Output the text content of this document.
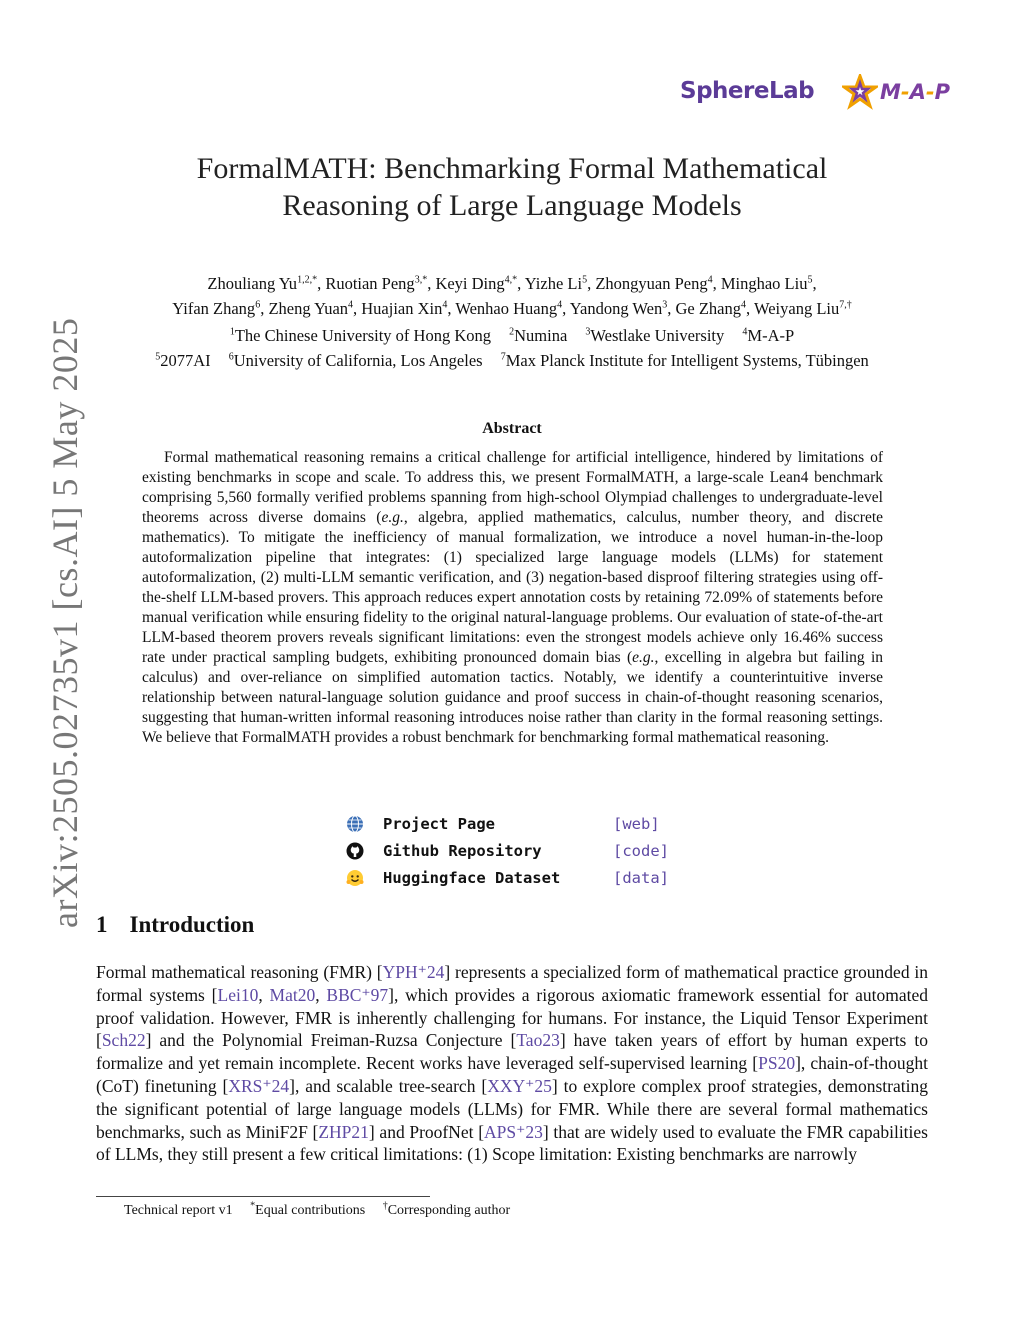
SphereLab	M-A-P
arXiv:2505.02735v1 [cs.AI] 5 May 2025
FormalMATH: Benchmarking Formal Mathematical
Reasoning of Large Language Models
Zhouliang $Yu^{1,2,*}$, Ruotian Peng$^{3,*}$, Keyi Ding$^{4,*}$, Yizhe Li$^5$, Zhongyuan Peng$^4$, Minghao Liu$^5$,
Yifan Zhang$^6$, Zheng Yuan$^4$, Huajian Xin$^4$, Wenhao Huang$^4$, Yandong Wen$^3$, Ge Zhang$^4$, Weiyang Liu$^{7,\dagger}$
$^1$The Chinese University of Hong Kong $^2$Numina $^3$Westlake University $^4$M-A-P
$^5$2077AI $^6$University of California, Los Angeles $^7$Max Planck Institute for Intelligent Systems, Tübingen
Abstract
Formal mathematical reasoning remains a critical challenge for artificial intelligence, hindered by limitations of existing benchmarks in scope and scale. To address this, we present FormalMATH, a large-scale Lean4 benchmark comprising 5,560 formally verified problems spanning from high-school Olympiad challenges to undergraduate-level theorems across diverse domains (e.g., algebra, applied mathematics, calculus, number theory, and discrete mathematics). To mitigate the inefficiency of manual formalization, we introduce a novel human-in-the-loop autoformalization pipeline that integrates: (1) specialized large language models (LLMs) for statement autoformalization, (2) multi-LLM semantic verification, and (3) negation-based disproof filtering strategies using off-the-shelf LLM-based provers. This approach reduces expert annotation costs by retaining 72.09% of statements before manual verification while ensuring fidelity to the original natural-language problems. Our evaluation of state-of-the-art LLM-based theorem provers reveals significant limitations: even the strongest models achieve only 16.46% success rate under practical sampling budgets, exhibiting pronounced domain bias (e.g., excelling in algebra but failing in calculus) and over-reliance on simplified automation tactics. Notably, we identify a counterintuitive inverse relationship between natural-language solution guidance and proof success in chain-of-thought reasoning scenarios, suggesting that human-written informal reasoning introduces noise rather than clarity in the formal reasoning settings. We believe that FormalMATH provides a robust benchmark for benchmarking formal mathematical reasoning.
Project Page	[web]
Github Repository	[code]
Huggingface Dataset	[data]
1 Introduction
Formal mathematical reasoning (FMR) [YPH⁺24] represents a specialized form of mathematical practice grounded in formal systems [Lei10, Mat20, BBC⁺97], which provides a rigorous axiomatic framework essential for automated proof validation. However, FMR is inherently challenging for humans. For instance, the Liquid Tensor Experiment [Sch22] and the Polynomial Freiman-Ruzsa Conjecture [Tao23] have taken years of effort by human experts to formalize and yet remain incomplete. Recent works have leveraged self-supervised learning [PS20], chain-of-thought (CoT) finetuning [XRS⁺24], and scalable tree-search [XXY⁺25] to explore complex proof strategies, demonstrating the significant potential of large language models (LLMs) for FMR. While there are several formal mathematics benchmarks, such as MiniF2F [ZHP21] and ProofNet [APS⁺23] that are widely used to evaluate the FMR capabilities of LLMs, they still present a few critical limitations: (1) Scope limitation: Existing benchmarks are narrowly
Technical report v1 *Equal contributions †Corresponding author
